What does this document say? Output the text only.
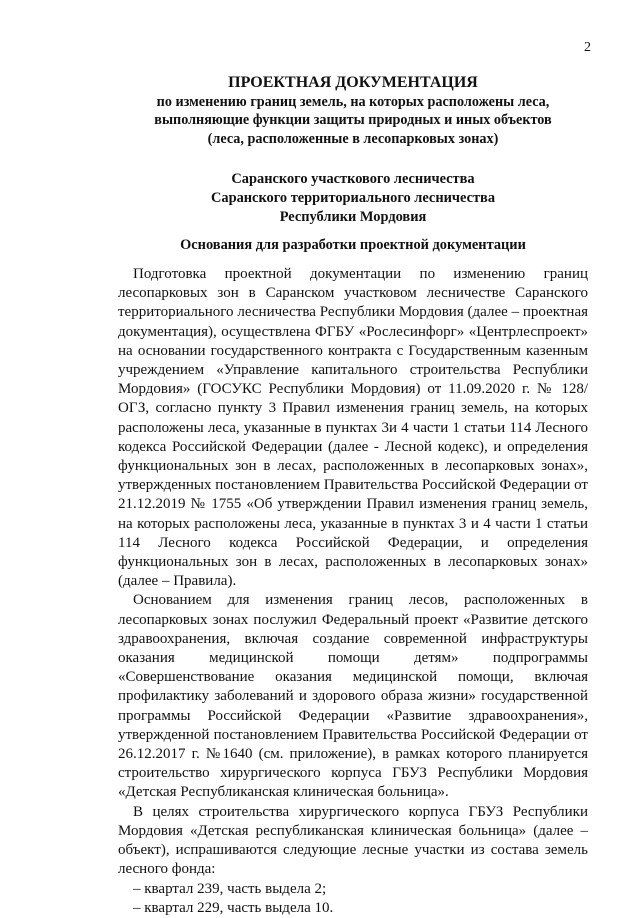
2
ПРОЕКТНАЯ ДОКУМЕНТАЦИЯ
по изменению границ земель, на которых расположены леса,
выполняющие функции защиты природных и иных объектов
(леса, расположенные в лесопарковых зонах)
Саранского участкового лесничества
Саранского территориального лесничества
Республики Мордовия
Основания для разработки проектной документации

Подготовка проектной документации по изменению границ лесопарковых зон в Саранском участковом лесничестве Саранского территориального лесничества Республики Мордовия (далее – проектная документация), осуществлена ФГБУ «Рослесинфорг» «Центрлеспроект» на основании государственного контракта с Государственным казенным учреждением «Управление капитального строительства Республики Мордовия» (ГОСУКС Республики Мордовия) от 11.09.2020 г. № 128/ОГЗ, согласно пункту 3 Правил изменения границ земель, на которых расположены леса, указанные в пунктах 3и 4 части 1 статьи 114 Лесного кодекса Российской Федерации (далее - Лесной кодекс), и определения функциональных зон в лесах, расположенных в лесопарковых зонах», утвержденных постановлением Правительства Российской Федерации от 21.12.2019 № 1755 «Об утверждении Правил изменения границ земель, на которых расположены леса, указанные в пунктах 3 и 4 части 1 статьи 114 Лесного кодекса Российской Федерации, и определения функциональных зон в лесах, расположенных в лесопарковых зонах» (далее – Правила).

Основанием для изменения границ лесов, расположенных в лесопарковых зонах послужил Федеральный проект «Развитие детского здравоохранения, включая создание современной инфраструктуры оказания медицинской помощи детям» подпрограммы «Совершенствование оказания медицинской помощи, включая профилактику заболеваний и здорового образа жизни» государственной программы Российской Федерации «Развитие здравоохранения», утвержденной постановлением Правительства Российской Федерации от 26.12.2017 г. №1640 (см. приложение), в рамках которого планируется строительство хирургического корпуса ГБУЗ Республики Мордовия «Детская Республиканская клиническая больница».

В целях строительства хирургического корпуса ГБУЗ Республики Мордовия «Детская республиканская клиническая больница» (далее – объект), испрашиваются следующие лесные участки из состава земель лесного фонда:

– квартал 239, часть выдела 2;
– квартал 229, часть выдела 10.
